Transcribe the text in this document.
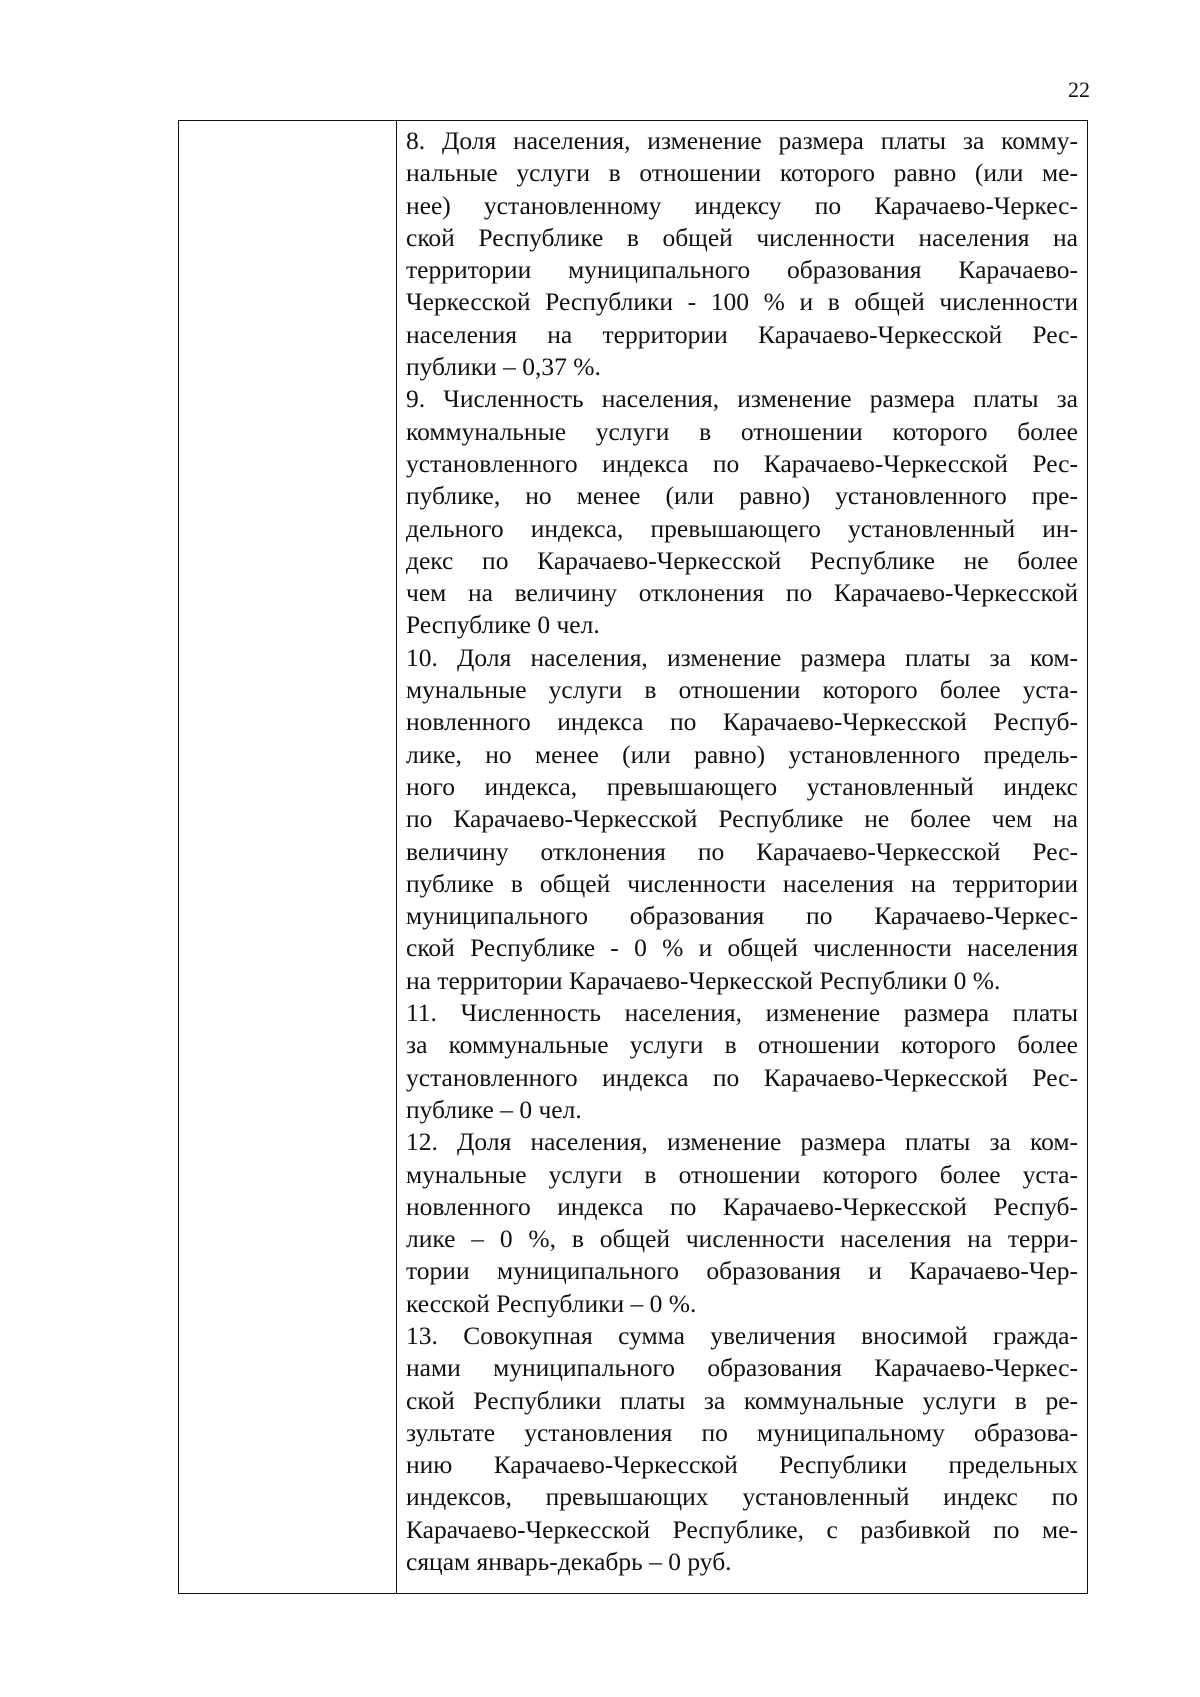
22
8. Доля населения, изменение размера платы за комму-
нальные услуги в отношении которого равно (или ме-
нее) установленному индексу по Карачаево-Черкес-
ской Республике в общей численности населения на
территории муниципального образования Карачаево-
Черкесской Республики - 100 % и в общей численности
населения на территории Карачаево-Черкесской Рес-
публики – 0,37 %.
9. Численность населения, изменение размера платы за
коммунальные услуги в отношении которого более
установленного индекса по Карачаево-Черкесской Рес-
публике, но менее (или равно) установленного пре-
дельного индекса, превышающего установленный ин-
декс по Карачаево-Черкесской Республике не более
чем на величину отклонения по Карачаево-Черкесской
Республике 0 чел.
10. Доля населения, изменение размера платы за ком-
мунальные услуги в отношении которого более уста-
новленного индекса по Карачаево-Черкесской Респуб-
лике, но менее (или равно) установленного предель-
ного индекса, превышающего установленный индекс
по Карачаево-Черкесской Республике не более чем на
величину отклонения по Карачаево-Черкесской Рес-
публике в общей численности населения на территории
муниципального образования по Карачаево-Черкес-
ской Республике - 0 % и общей численности населения
на территории Карачаево-Черкесской Республики 0 %.
11. Численность населения, изменение размера платы
за коммунальные услуги в отношении которого более
установленного индекса по Карачаево-Черкесской Рес-
публике – 0 чел.
12. Доля населения, изменение размера платы за ком-
мунальные услуги в отношении которого более уста-
новленного индекса по Карачаево-Черкесской Респуб-
лике – 0 %, в общей численности населения на терри-
тории муниципального образования и Карачаево-Чер-
кесской Республики – 0 %.
13. Совокупная сумма увеличения вносимой гражда-
нами муниципального образования Карачаево-Черкес-
ской Республики платы за коммунальные услуги в ре-
зультате установления по муниципальному образова-
нию Карачаево-Черкесской Республики предельных
индексов, превышающих установленный индекс по
Карачаево-Черкесской Республике, с разбивкой по ме-
сяцам январь-декабрь – 0 руб.
